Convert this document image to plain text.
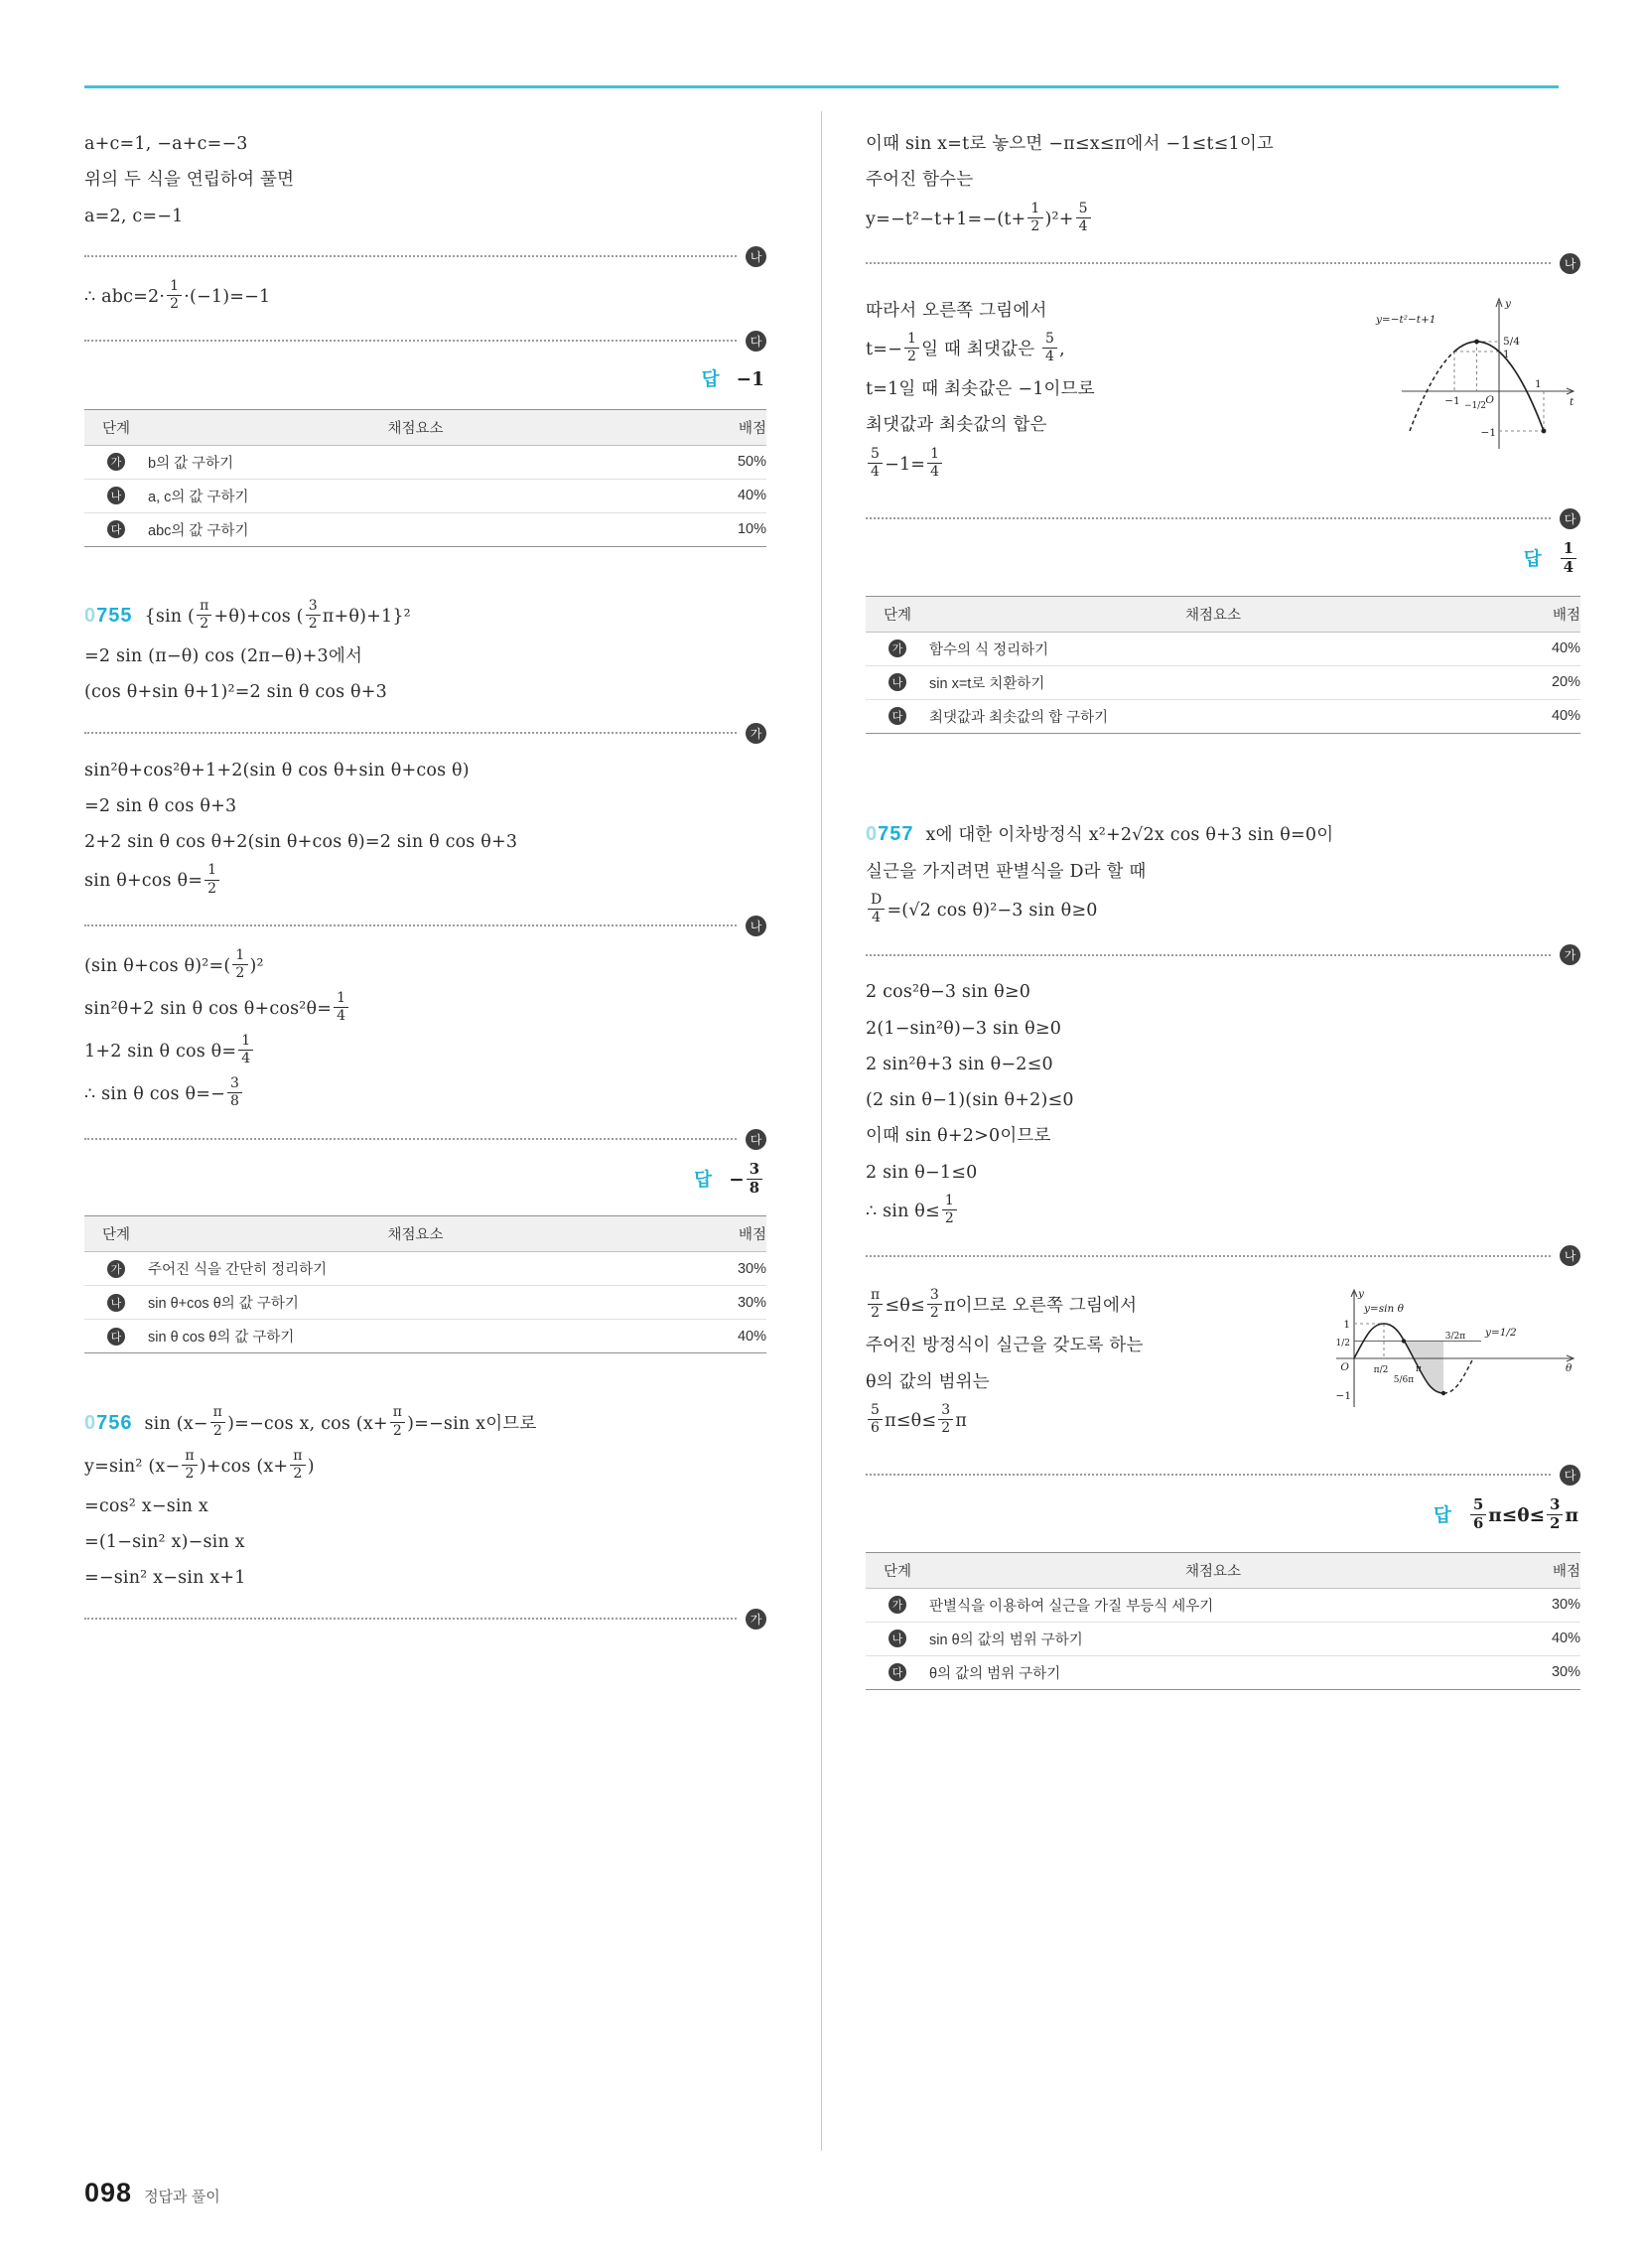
a+c=1, −a+c=−3
위의 두 식을 연립하여 풀면
a=2, c=−1
나
∴ $abc=2\cdot \frac{1}{2} \cdot(-1)=-1$
다
답 −1
단계	채점요소	배점
가	b의 값 구하기	50%
나	a, c의 값 구하기	40%
다	abc의 값 구하기	10%
0755 {sin ( $\frac{\pi}{2} +\theta)+\cos$ ( $\frac{3}{2} \pi+\theta)+1\}^2$
=2 sin (π−θ) cos (2π−θ)+3에서
(cos θ+sin θ+1)²=2 sin θ cos θ+3
가
sin²θ+cos²θ+1+2(sin θ cos θ+sin θ+cos θ)
=2 sin θ cos θ+3
2+2 sin θ cos θ+2(sin θ+cos θ)=2 sin θ cos θ+3
sin θ+cos $\theta= \frac{1}{2}$
나
(sin θ+cos $\theta)^2=( \frac{1}{2} )^2$
sin²θ+2 sin θ $\cos \theta+\cos^2\theta= \frac{1}{4}$
1+2 sin θ $\cos \theta= \frac{1}{4}$
∴ sin θ $\cos \theta=- \frac{3}{8}$
다
답 − $\frac{3}{8}$
단계	채점요소	배점
가	주어진 식을 간단히 정리하기	30%
나	sin θ+cos θ의 값 구하기	30%
다	sin θ cos θ의 값 구하기	40%
0756 $\sin (x- \frac{\pi}{2} )=-\cos$ x, $\cos (x+ \frac{\pi}{2} )=-\sin$ x이므로
y=sin² $(x- \frac{\pi}{2} )+\cos$ ($x+ \frac{\pi}{2}$ )
=cos² x−sin x
=(1−sin² x)−sin x
=−sin² x−sin x+1
가
이때 sin x=t로 놓으면 −π≤x≤π에서 −1≤t≤1이고
주어진 함수는
$y=-t^2-t+1=-(t+ \frac{1}{2} )^2+ \frac{5}{4}$
나
따라서 오른쪽 그림에서
$t=- \frac{1}{2}$ 일 때 최댓값은 $\frac{5}{4}$ ,
t=1일 때 최솟값은 −1이므로
최댓값과 최솟값의 합은
$\frac{5}{4} -1= \frac{1}{4}$
y
t
y=−t²−t+1
5/4
1
O
1
−1 −1/2
−1
다
답 $\frac{1}{4}$
단계	채점요소	배점
가	함수의 식 정리하기	40%
나	sin x=t로 치환하기	20%
다	최댓값과 최솟값의 합 구하기	40%
0757 x에 대한 이차방정식 x²+2√2x cos θ+3 sin θ=0이
실근을 가지려면 판별식을 D라 할 때
$\frac{D}{4} =(√2$ cos θ)²−3 sin θ≥0
가
2 cos²θ−3 sin θ≥0
2(1−sin²θ)−3 sin θ≥0
2 sin²θ+3 sin θ−2≤0
(2 sin θ−1)(sin θ+2)≤0
이때 sin θ+2>0이므로
2 sin θ−1≤0
∴ $\sin \theta\le \frac{1}{2}$
나
$\frac{\pi}{2} \le\theta\le \frac{3}{2}$ π이므로 오른쪽 그림에서
주어진 방정식이 실근을 갖도록 하는
θ의 값의 범위는
$\frac{5}{6} \pi\le\theta\le \frac{3}{2}$ π
y
θ
y=sin θ
y=1/2
1
1/2
O
−1
π/2
5/6π
π
3/2π
다
답 $\frac{5}{6} \pi\le\theta\le \frac{3}{2}$ π
단계	채점요소	배점
가	판별식을 이용하여 실근을 가질 부등식 세우기	30%
나	sin θ의 값의 범위 구하기	40%
다	θ의 값의 범위 구하기	30%
098 정답과 풀이
